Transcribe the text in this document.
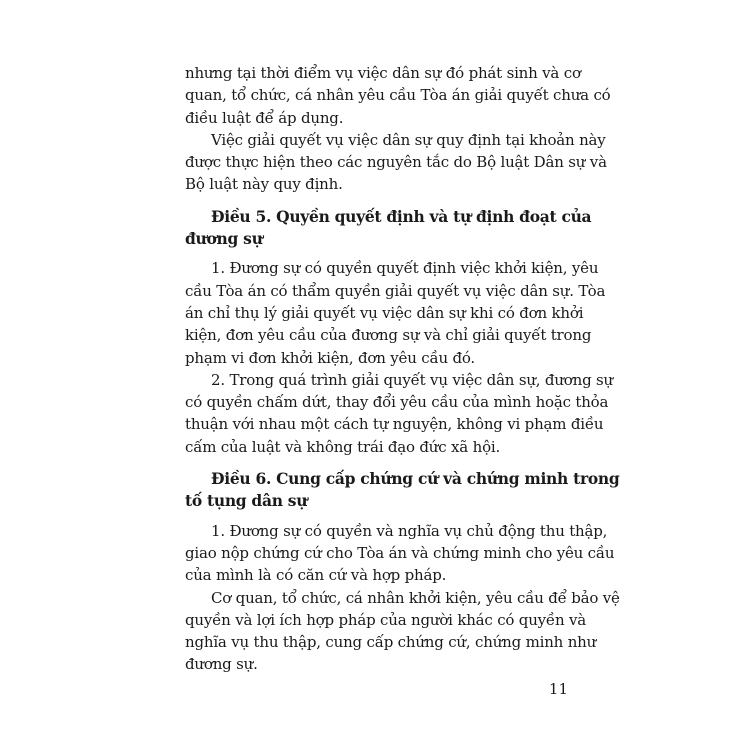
nhưng tại thời điểm vụ việc dân sự đó phát sinh và cơ
quan, tổ chức, cá nhân yêu cầu Tòa án giải quyết chưa có
điều luật để áp dụng.
Việc giải quyết vụ việc dân sự quy định tại khoản này
được thực hiện theo các nguyên tắc do Bộ luật Dân sự và
Bộ luật này quy định.
Điều 5. Quyền quyết định và tự định đoạt của
đương sự
1. Đương sự có quyền quyết định việc khởi kiện, yêu
cầu Tòa án có thẩm quyền giải quyết vụ việc dân sự. Tòa
án chỉ thụ lý giải quyết vụ việc dân sự khi có đơn khởi
kiện, đơn yêu cầu của đương sự và chỉ giải quyết trong
phạm vi đơn khởi kiện, đơn yêu cầu đó.
2. Trong quá trình giải quyết vụ việc dân sự, đương sự
có quyền chấm dứt, thay đổi yêu cầu của mình hoặc thỏa
thuận với nhau một cách tự nguyện, không vi phạm điều
cấm của luật và không trái đạo đức xã hội.
Điều 6. Cung cấp chứng cứ và chứng minh trong
tố tụng dân sự
1. Đương sự có quyền và nghĩa vụ chủ động thu thập,
giao nộp chứng cứ cho Tòa án và chứng minh cho yêu cầu
của mình là có căn cứ và hợp pháp.
Cơ quan, tổ chức, cá nhân khởi kiện, yêu cầu để bảo vệ
quyền và lợi ích hợp pháp của người khác có quyền và
nghĩa vụ thu thập, cung cấp chứng cứ, chứng minh như
đương sự.
11
